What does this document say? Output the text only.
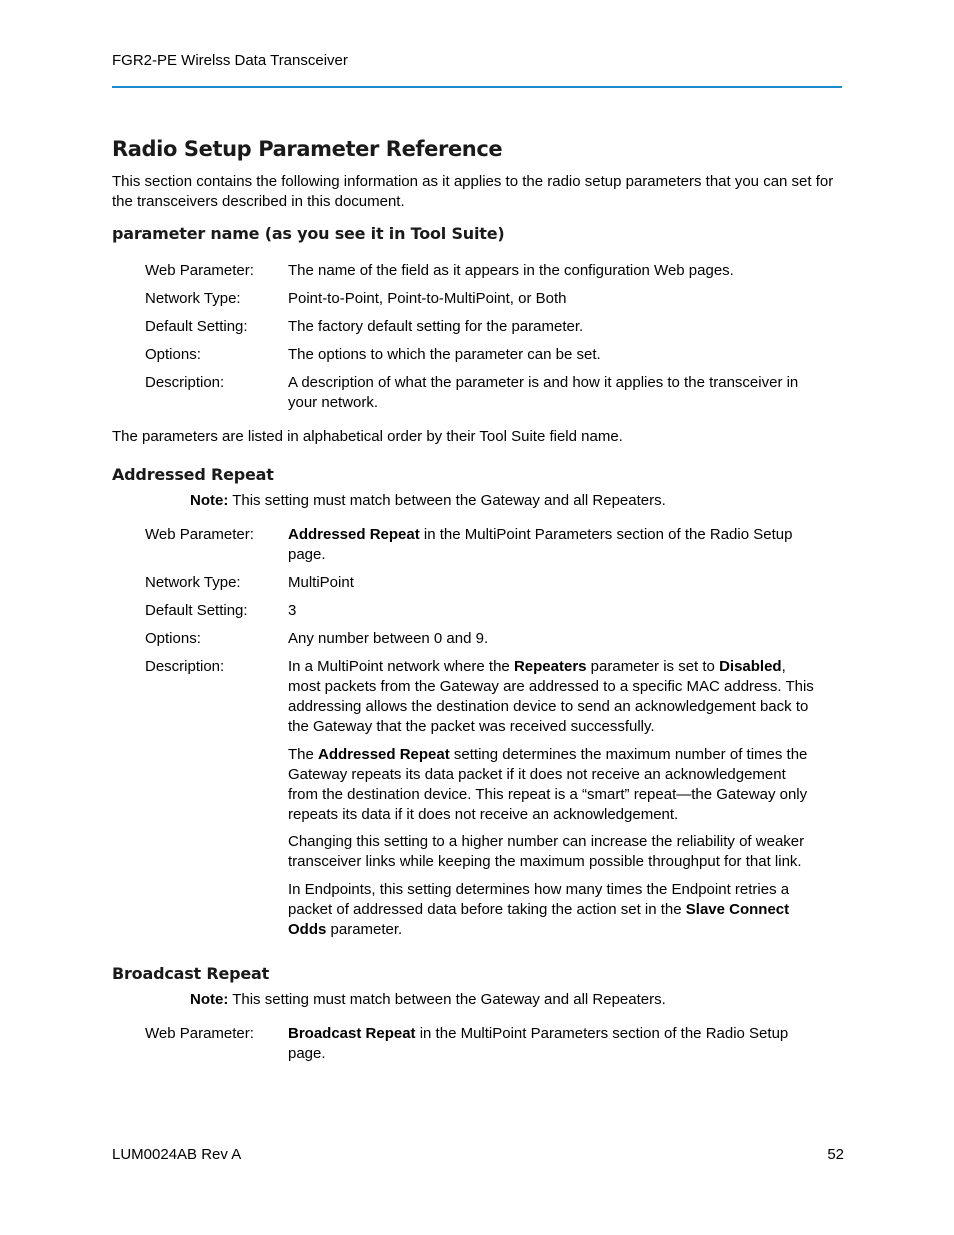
FGR2-PE Wirelss Data Transceiver
Radio Setup Parameter Reference
This section contains the following information as it applies to the radio setup parameters that you can set for the transceivers described in this document.
parameter name (as you see it in Tool Suite)
Web Parameter:	The name of the field as it appears in the configuration Web pages.
Network Type:	Point-to-Point, Point-to-MultiPoint, or Both
Default Setting:	The factory default setting for the parameter.
Options:	The options to which the parameter can be set.
Description:	A description of what the parameter is and how it applies to the transceiver in your network.
The parameters are listed in alphabetical order by their Tool Suite field name.
Addressed Repeat
Note: This setting must match between the Gateway and all Repeaters.
Web Parameter:	Addressed Repeat in the MultiPoint Parameters section of the Radio Setup page.
Network Type:	MultiPoint
Default Setting:	3
Options:	Any number between 0 and 9.
Description:	In a MultiPoint network where the Repeaters parameter is set to Disabled, most packets from the Gateway are addressed to a specific MAC address. This addressing allows the destination device to send an acknowledgement back to the Gateway that the packet was received successfully.
The Addressed Repeat setting determines the maximum number of times the Gateway repeats its data packet if it does not receive an acknowledgement from the destination device. This repeat is a “smart” repeat—the Gateway only repeats its data if it does not receive an acknowledgement.
Changing this setting to a higher number can increase the reliability of weaker transceiver links while keeping the maximum possible throughput for that link.
In Endpoints, this setting determines how many times the Endpoint retries a packet of addressed data before taking the action set in the Slave Connect Odds parameter.
Broadcast Repeat
Note: This setting must match between the Gateway and all Repeaters.
Web Parameter:	Broadcast Repeat in the MultiPoint Parameters section of the Radio Setup page.
LUM0024AB Rev A	52
